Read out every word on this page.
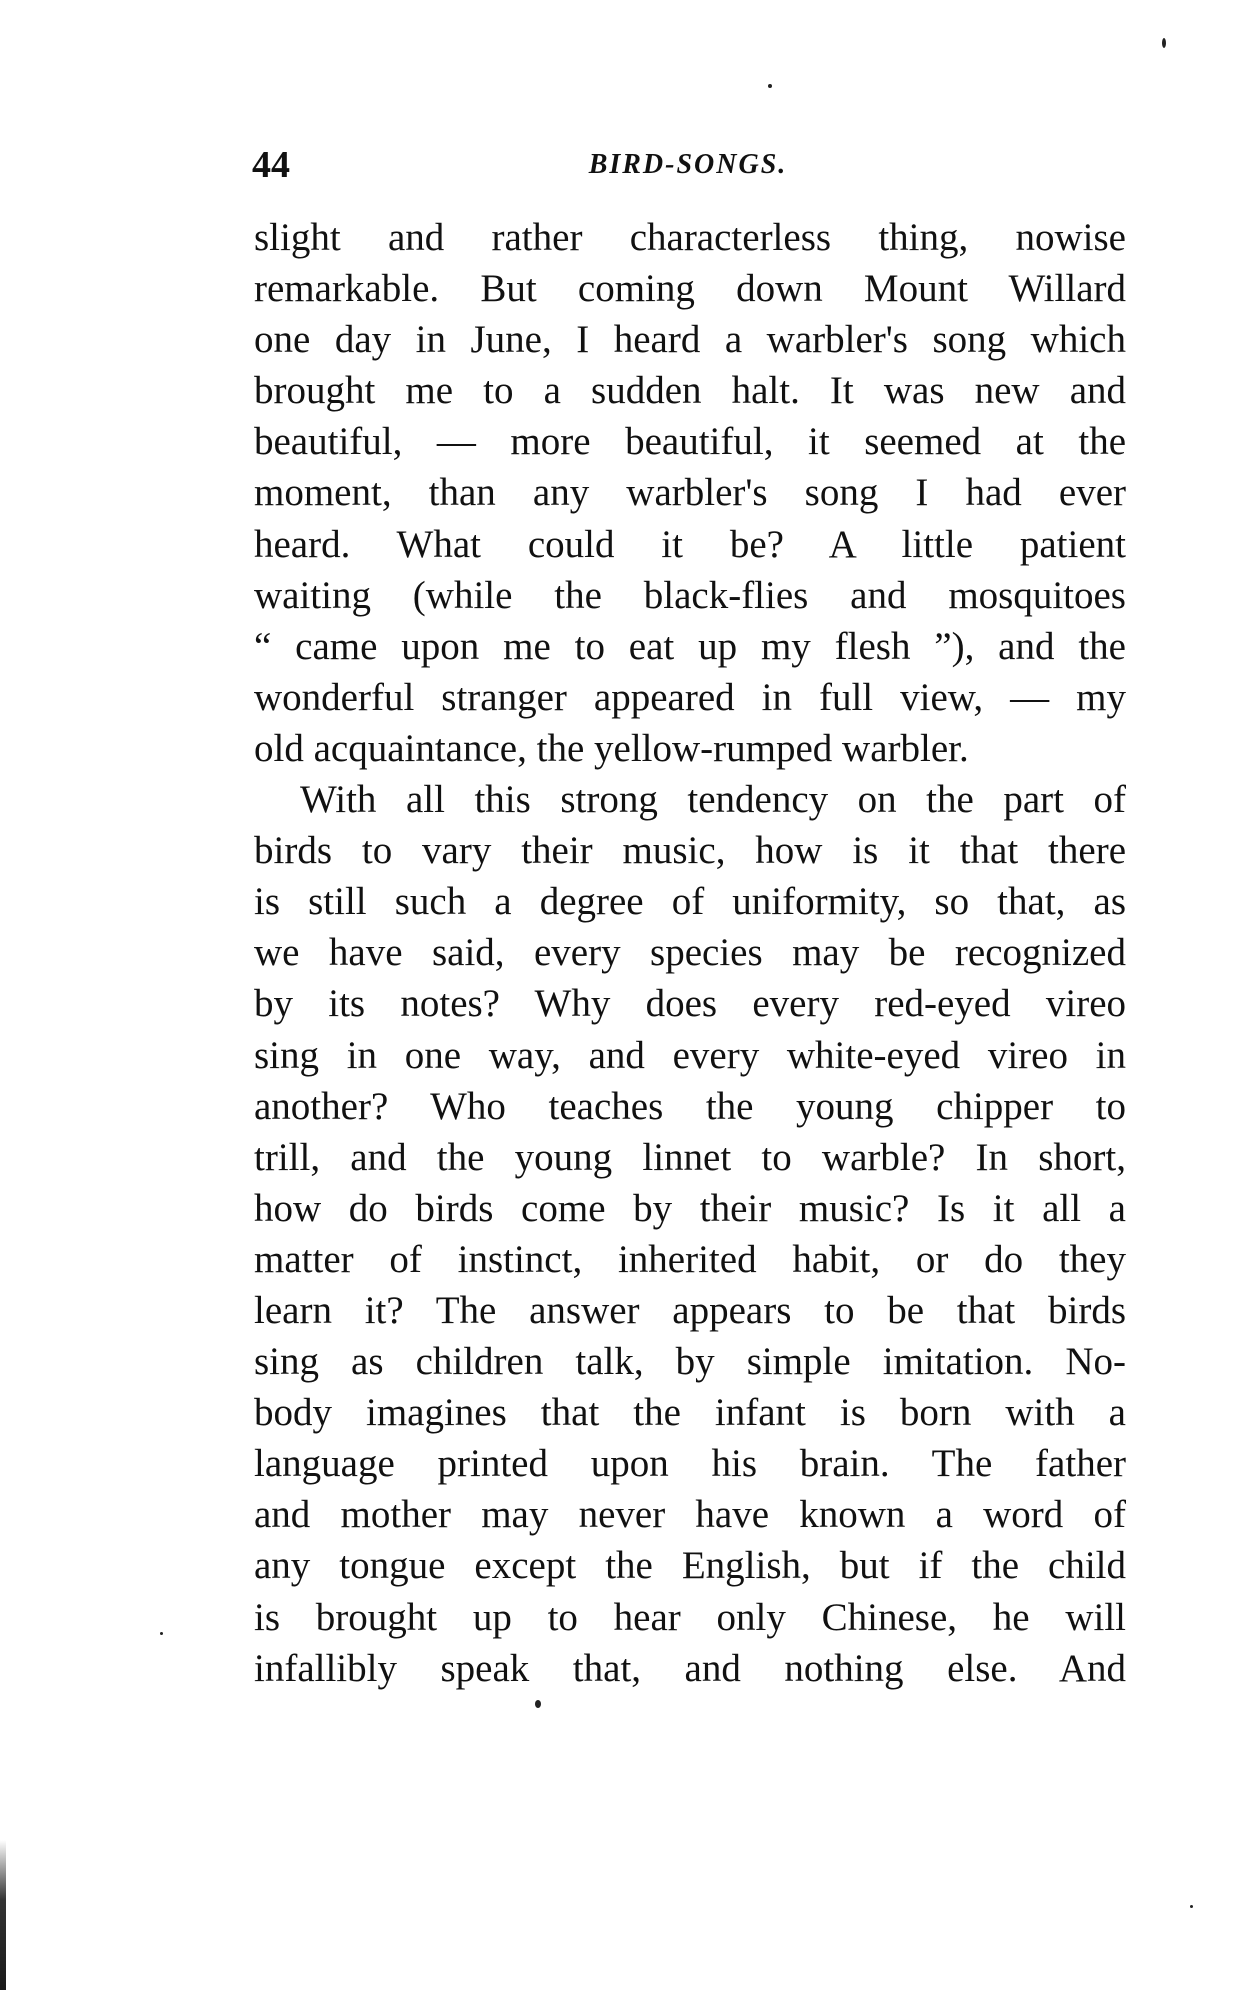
44	BIRD-SONGS.
slight and rather characterless thing, nowise
remarkable. But coming down Mount Willard
one day in June, I heard a warbler's song which
brought me to a sudden halt. It was new and
beautiful, — more beautiful, it seemed at the
moment, than any warbler's song I had ever
heard. What could it be? A little patient
waiting (while the black-flies and mosquitoes
“ came upon me to eat up my flesh ”), and the
wonderful stranger appeared in full view, — my
old acquaintance, the yellow-rumped warbler.
With all this strong tendency on the part of
birds to vary their music, how is it that there
is still such a degree of uniformity, so that, as
we have said, every species may be recognized
by its notes? Why does every red-eyed vireo
sing in one way, and every white-eyed vireo in
another? Who teaches the young chipper to
trill, and the young linnet to warble? In short,
how do birds come by their music? Is it all a
matter of instinct, inherited habit, or do they
learn it? The answer appears to be that birds
sing as children talk, by simple imitation. No-
body imagines that the infant is born with a
language printed upon his brain. The father
and mother may never have known a word of
any tongue except the English, but if the child
is brought up to hear only Chinese, he will
infallibly speak that, and nothing else. And
